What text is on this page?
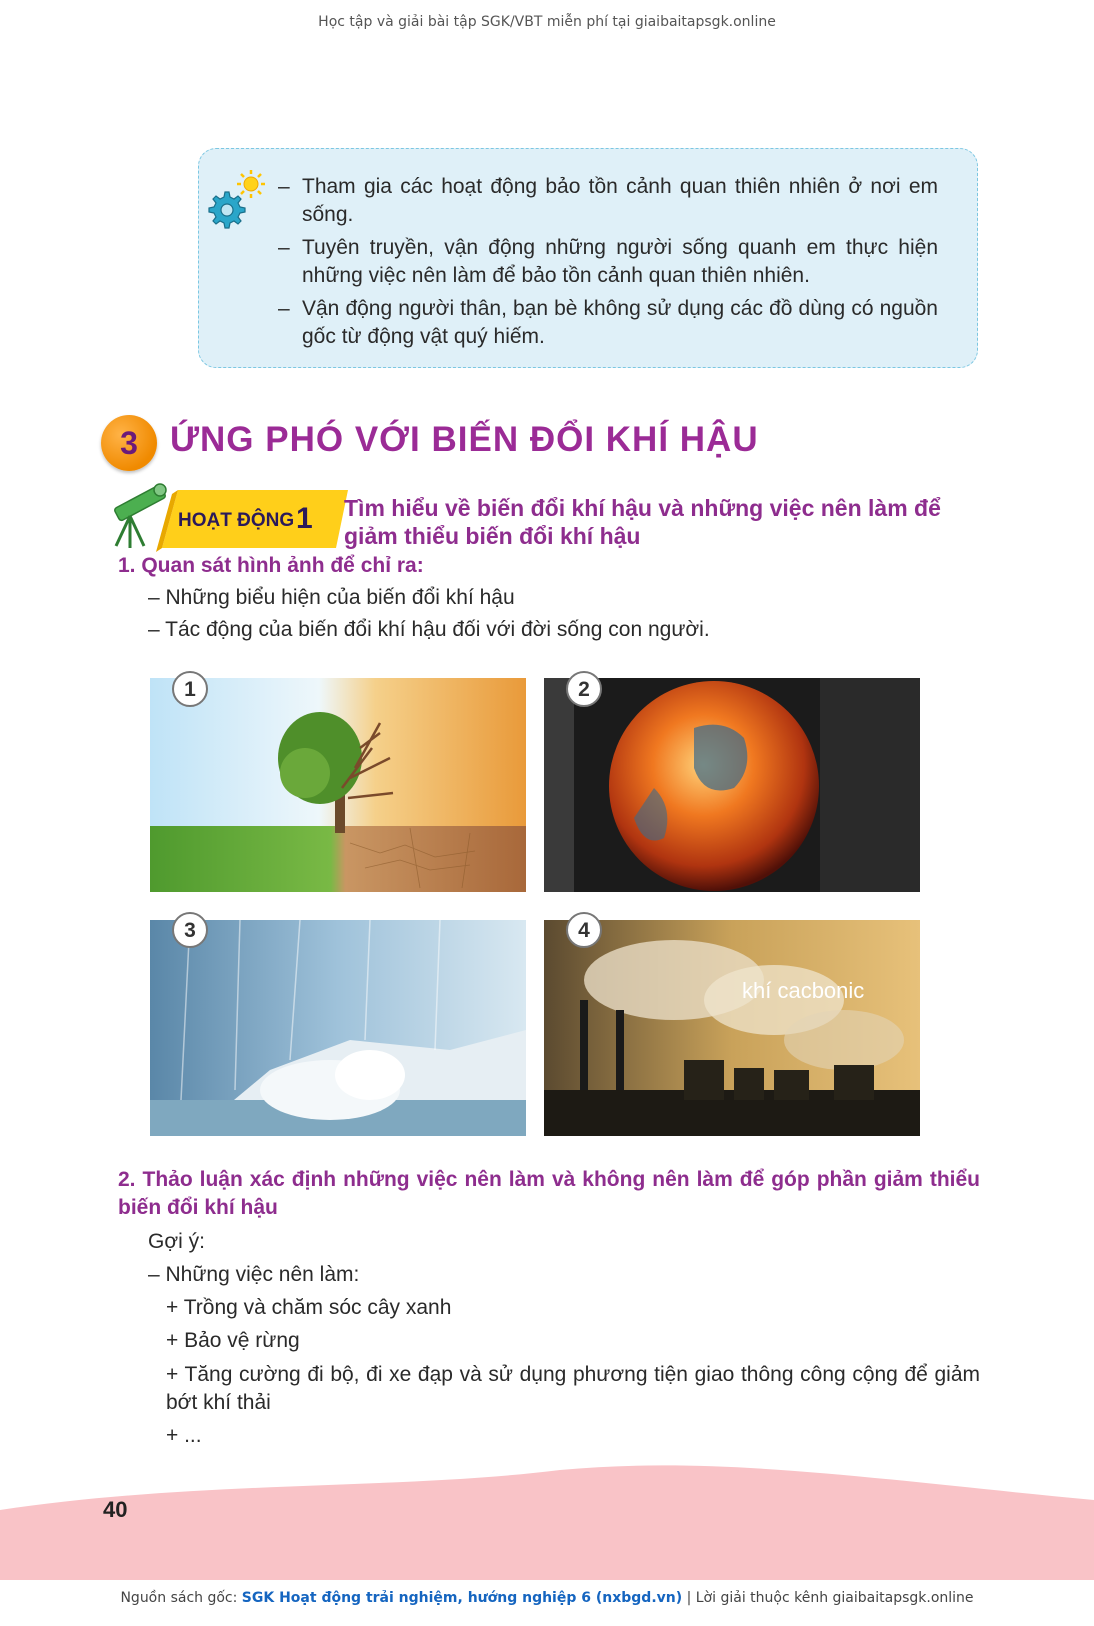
Học tập và giải bài tập SGK/VBT miễn phí tại giaibaitapsgk.online
– Tham gia các hoạt động bảo tồn cảnh quan thiên nhiên ở nơi em sống.
– Tuyên truyền, vận động những người sống quanh em thực hiện những việc nên làm để bảo tồn cảnh quan thiên nhiên.
– Vận động người thân, bạn bè không sử dụng các đồ dùng có nguồn gốc từ động vật quý hiếm.
3 ỨNG PHÓ VỚI BIẾN ĐỔI KHÍ HẬU
HOẠT ĐỘNG 1 Tìm hiểu về biến đổi khí hậu và những việc nên làm để giảm thiểu biến đổi khí hậu
1. Quan sát hình ảnh để chỉ ra:
– Những biểu hiện của biến đổi khí hậu
– Tác động của biến đổi khí hậu đối với đời sống con người.
1	2
3
khí cacbonic
4
2. Thảo luận xác định những việc nên làm và không nên làm để góp phần giảm thiểu biến đổi khí hậu
Gợi ý:
– Những việc nên làm:
+ Trồng và chăm sóc cây xanh
+ Bảo vệ rừng
+ Tăng cường đi bộ, đi xe đạp và sử dụng phương tiện giao thông công cộng để giảm bớt khí thải
+ ...
40
Nguồn sách gốc: SGK Hoạt động trải nghiệm, hướng nghiệp 6 (nxbgd.vn) | Lời giải thuộc kênh giaibaitapsgk.online
